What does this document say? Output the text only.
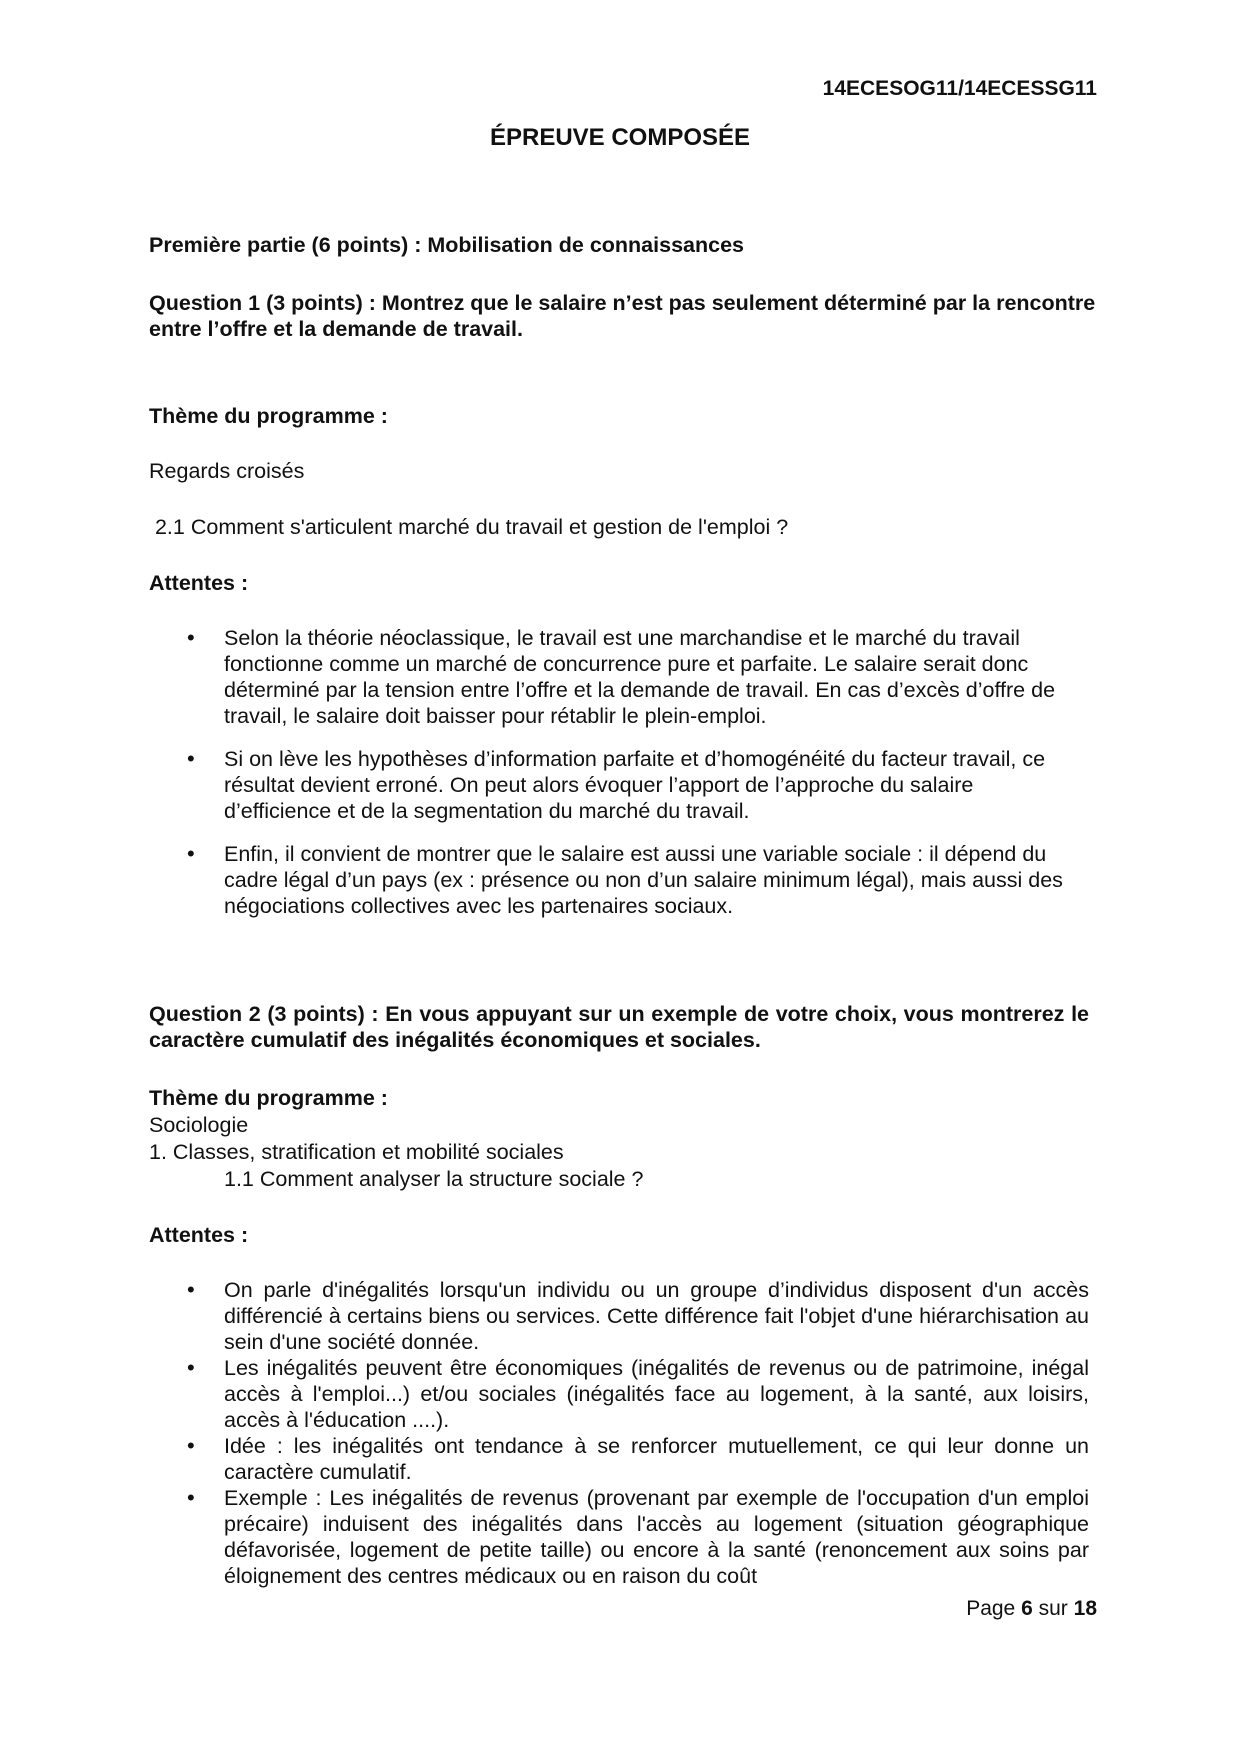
14ECESOG11/14ECESSG11
ÉPREUVE COMPOSÉE

Première partie (6 points) : Mobilisation de connaissances

Question 1 (3 points) : Montrez que le salaire n’est pas seulement déterminé par la rencontre entre l’offre et la demande de travail.

Thème du programme :

Regards croisés

2.1 Comment s'articulent marché du travail et gestion de l'emploi ?

Attentes :

• Selon la théorie néoclassique, le travail est une marchandise et le marché du travail fonctionne comme un marché de concurrence pure et parfaite. Le salaire serait donc déterminé par la tension entre l’offre et la demande de travail. En cas d’excès d’offre de travail, le salaire doit baisser pour rétablir le plein-emploi.
• Si on lève les hypothèses d’information parfaite et d’homogénéité du facteur travail, ce résultat devient erroné. On peut alors évoquer l’apport de l’approche du salaire d’efficience et de la segmentation du marché du travail.
• Enfin, il convient de montrer que le salaire est aussi une variable sociale : il dépend du cadre légal d’un pays (ex : présence ou non d’un salaire minimum légal), mais aussi des négociations collectives avec les partenaires sociaux.

Question 2 (3 points) : En vous appuyant sur un exemple de votre choix, vous montrerez le caractère cumulatif des inégalités économiques et sociales.

Thème du programme :

Sociologie

1. Classes, stratification et mobilité sociales

1.1 Comment analyser la structure sociale ?

Attentes :

• On parle d'inégalités lorsqu'un individu ou un groupe d’individus disposent d'un accès différencié à certains biens ou services. Cette différence fait l'objet d'une hiérarchisation au sein d'une société donnée.
• Les inégalités peuvent être économiques (inégalités de revenus ou de patrimoine, inégal accès à l'emploi...) et/ou sociales (inégalités face au logement, à la santé, aux loisirs, accès à l'éducation ....).
• Idée : les inégalités ont tendance à se renforcer mutuellement, ce qui leur donne un caractère cumulatif.
• Exemple : Les inégalités de revenus (provenant par exemple de l'occupation d'un emploi précaire) induisent des inégalités dans l'accès au logement (situation géographique défavorisée, logement de petite taille) ou encore à la santé (renoncement aux soins par éloignement des centres médicaux ou en raison du coût
Page 6 sur 18
